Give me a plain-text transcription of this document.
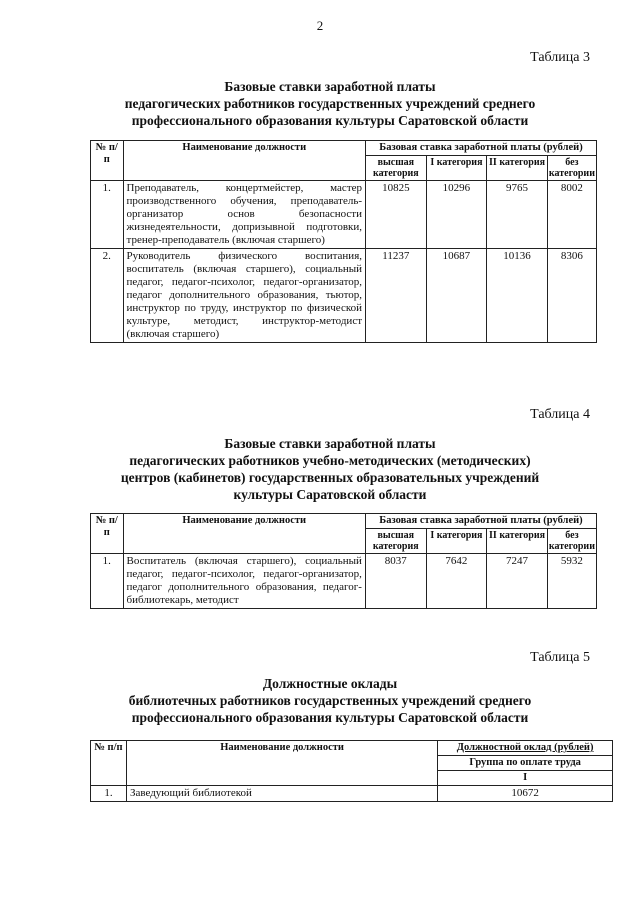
2
Таблица 3
Базовые ставки заработной платы
педагогических работников государственных учреждений среднего
профессионального образования культуры Саратовской области
№ п/п	Наименование должности	Базовая ставка заработной платы (рублей)			
		высшая категория	I категория	II категория	без категории
1.	Преподаватель, концертмейстер, мастер производственного обучения, преподаватель-организатор основ безопасности жизнедеятельности, допризывной подготовки, тренер-преподаватель (включая старшего)	10825	10296	9765	8002
2.	Руководитель физического воспитания, воспитатель (включая старшего), социальный педагог, педагог-психолог, педагог-организатор, педагог дополнительного образования, тьютор, инструктор по труду, инструктор по физической культуре, методист, инструктор-методист (включая старшего)	11237	10687	10136	8306
Таблица 4
Базовые ставки заработной платы
педагогических работников учебно-методических (методических)
центров (кабинетов) государственных образовательных учреждений
культуры Саратовской области
№ п/п	Наименование должности	Базовая ставка заработной платы (рублей)			
		высшая категория	I категория	II категория	без категории
1.	Воспитатель (включая старшего), социальный педагог, педагог-психолог, педагог-организатор, педагог дополнительного образования, педагог-библиотекарь, методист	8037	7642	7247	5932
Таблица 5
Должностные оклады
библиотечных работников государственных учреждений среднего
профессионального образования культуры Саратовской области
№ п/п	Наименование должности	Должностной оклад (рублей)
		Группа по оплате труда
		I
1.	Заведующий библиотекой	10672
